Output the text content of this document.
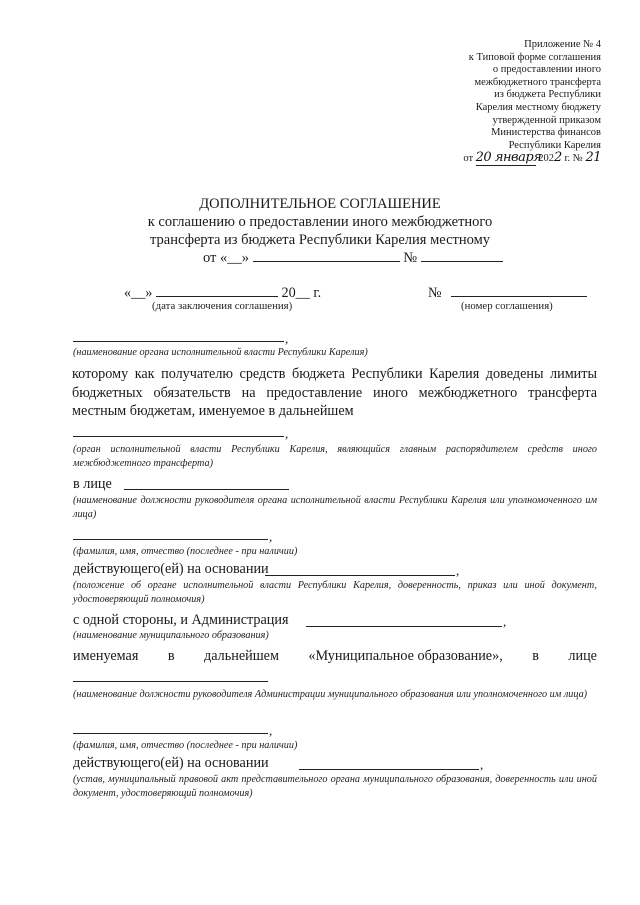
Приложение № 4
к Типовой форме соглашения
о предоставлении иного
межбюджетного трансферта
из бюджета Республики
Карелия местному бюджету
утвержденной приказом
Министерства финансов
Республики Карелия
от 20 января 2022 г. № 21
ДОПОЛНИТЕЛЬНОЕ СОГЛАШЕНИЕ
к соглашению о предоставлении иного межбюджетного
трансферта из бюджета Республики Карелия местному
от «__»	№
«__»	20__ г.	№
(дата заключения соглашения)	(номер соглашения)
,
(наименование органа исполнительной власти Республики Карелия)
которому как получателю средств бюджета Республики Карелия доведены лимиты бюджетных обязательств на предоставление иного межбюджетного трансферта местным бюджетам, именуемое в дальнейшем
,
(орган исполнительной власти Республики Карелия, являющийся главным распорядителем средств иного межбюджетного трансферта)
в лице
(наименование должности руководителя органа исполнительной власти Республики Карелия или уполномоченного им лица)
,
(фамилия, имя, отчество (последнее - при наличии)
действующего(ей) на основании	,
(положение об органе исполнительной власти Республики Карелия, доверенность, приказ или иной документ, удостоверяющий полномочия)
с одной стороны, и Администрация	,
(наименование муниципального образования)
именуемая в дальнейшем «Муниципальное образование», в лице
(наименование должности руководителя Администрации муниципального образования или уполномоченного им лица)
,
(фамилия, имя, отчество (последнее - при наличии)
действующего(ей) на основании	,
(устав, муниципальный правовой акт представительного органа муниципального образования, доверенность или иной документ, удостоверяющий полномочия)
